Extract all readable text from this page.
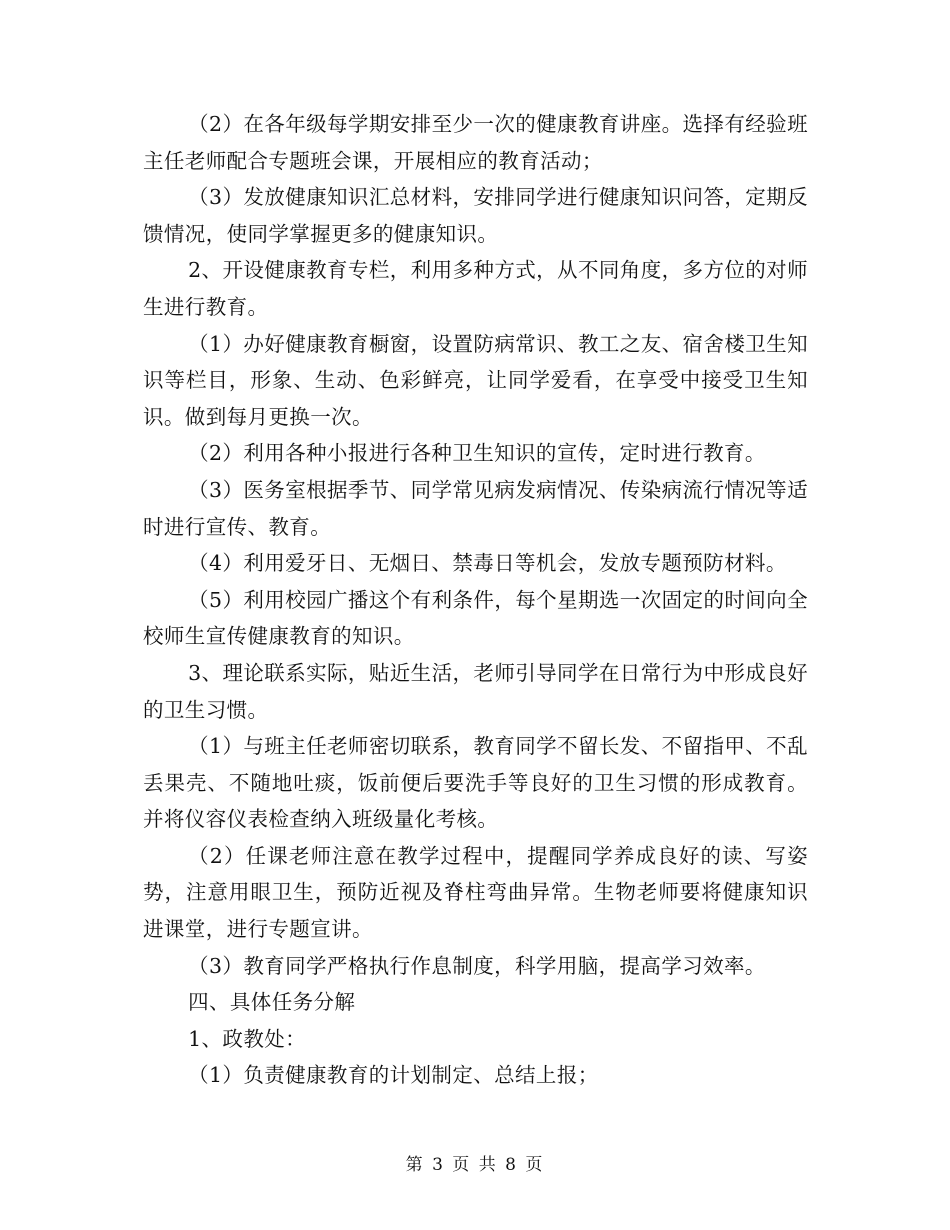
（2）在各年级每学期安排至少一次的健康教育讲座。选择有经验班主任老师配合专题班会课，开展相应的教育活动；

（3）发放健康知识汇总材料，安排同学进行健康知识问答，定期反馈情况，使同学掌握更多的健康知识。

2、开设健康教育专栏，利用多种方式，从不同角度，多方位的对师生进行教育。

（1）办好健康教育橱窗，设置防病常识、教工之友、宿舍楼卫生知识等栏目，形象、生动、色彩鲜亮，让同学爱看，在享受中接受卫生知识。做到每月更换一次。

（2）利用各种小报进行各种卫生知识的宣传，定时进行教育。

（3）医务室根据季节、同学常见病发病情况、传染病流行情况等适时进行宣传、教育。

（4）利用爱牙日、无烟日、禁毒日等机会，发放专题预防材料。

（5）利用校园广播这个有利条件，每个星期选一次固定的时间向全校师生宣传健康教育的知识。

3、理论联系实际，贴近生活，老师引导同学在日常行为中形成良好的卫生习惯。

（1）与班主任老师密切联系，教育同学不留长发、不留指甲、不乱丢果壳、不随地吐痰，饭前便后要洗手等良好的卫生习惯的形成教育。并将仪容仪表检查纳入班级量化考核。

（2）任课老师注意在教学过程中，提醒同学养成良好的读、写姿势，注意用眼卫生，预防近视及脊柱弯曲异常。生物老师要将健康知识进课堂，进行专题宣讲。

（3）教育同学严格执行作息制度，科学用脑，提高学习效率。

四、具体任务分解

1、政教处：

（1）负责健康教育的计划制定、总结上报；

第 3 页 共 8 页
